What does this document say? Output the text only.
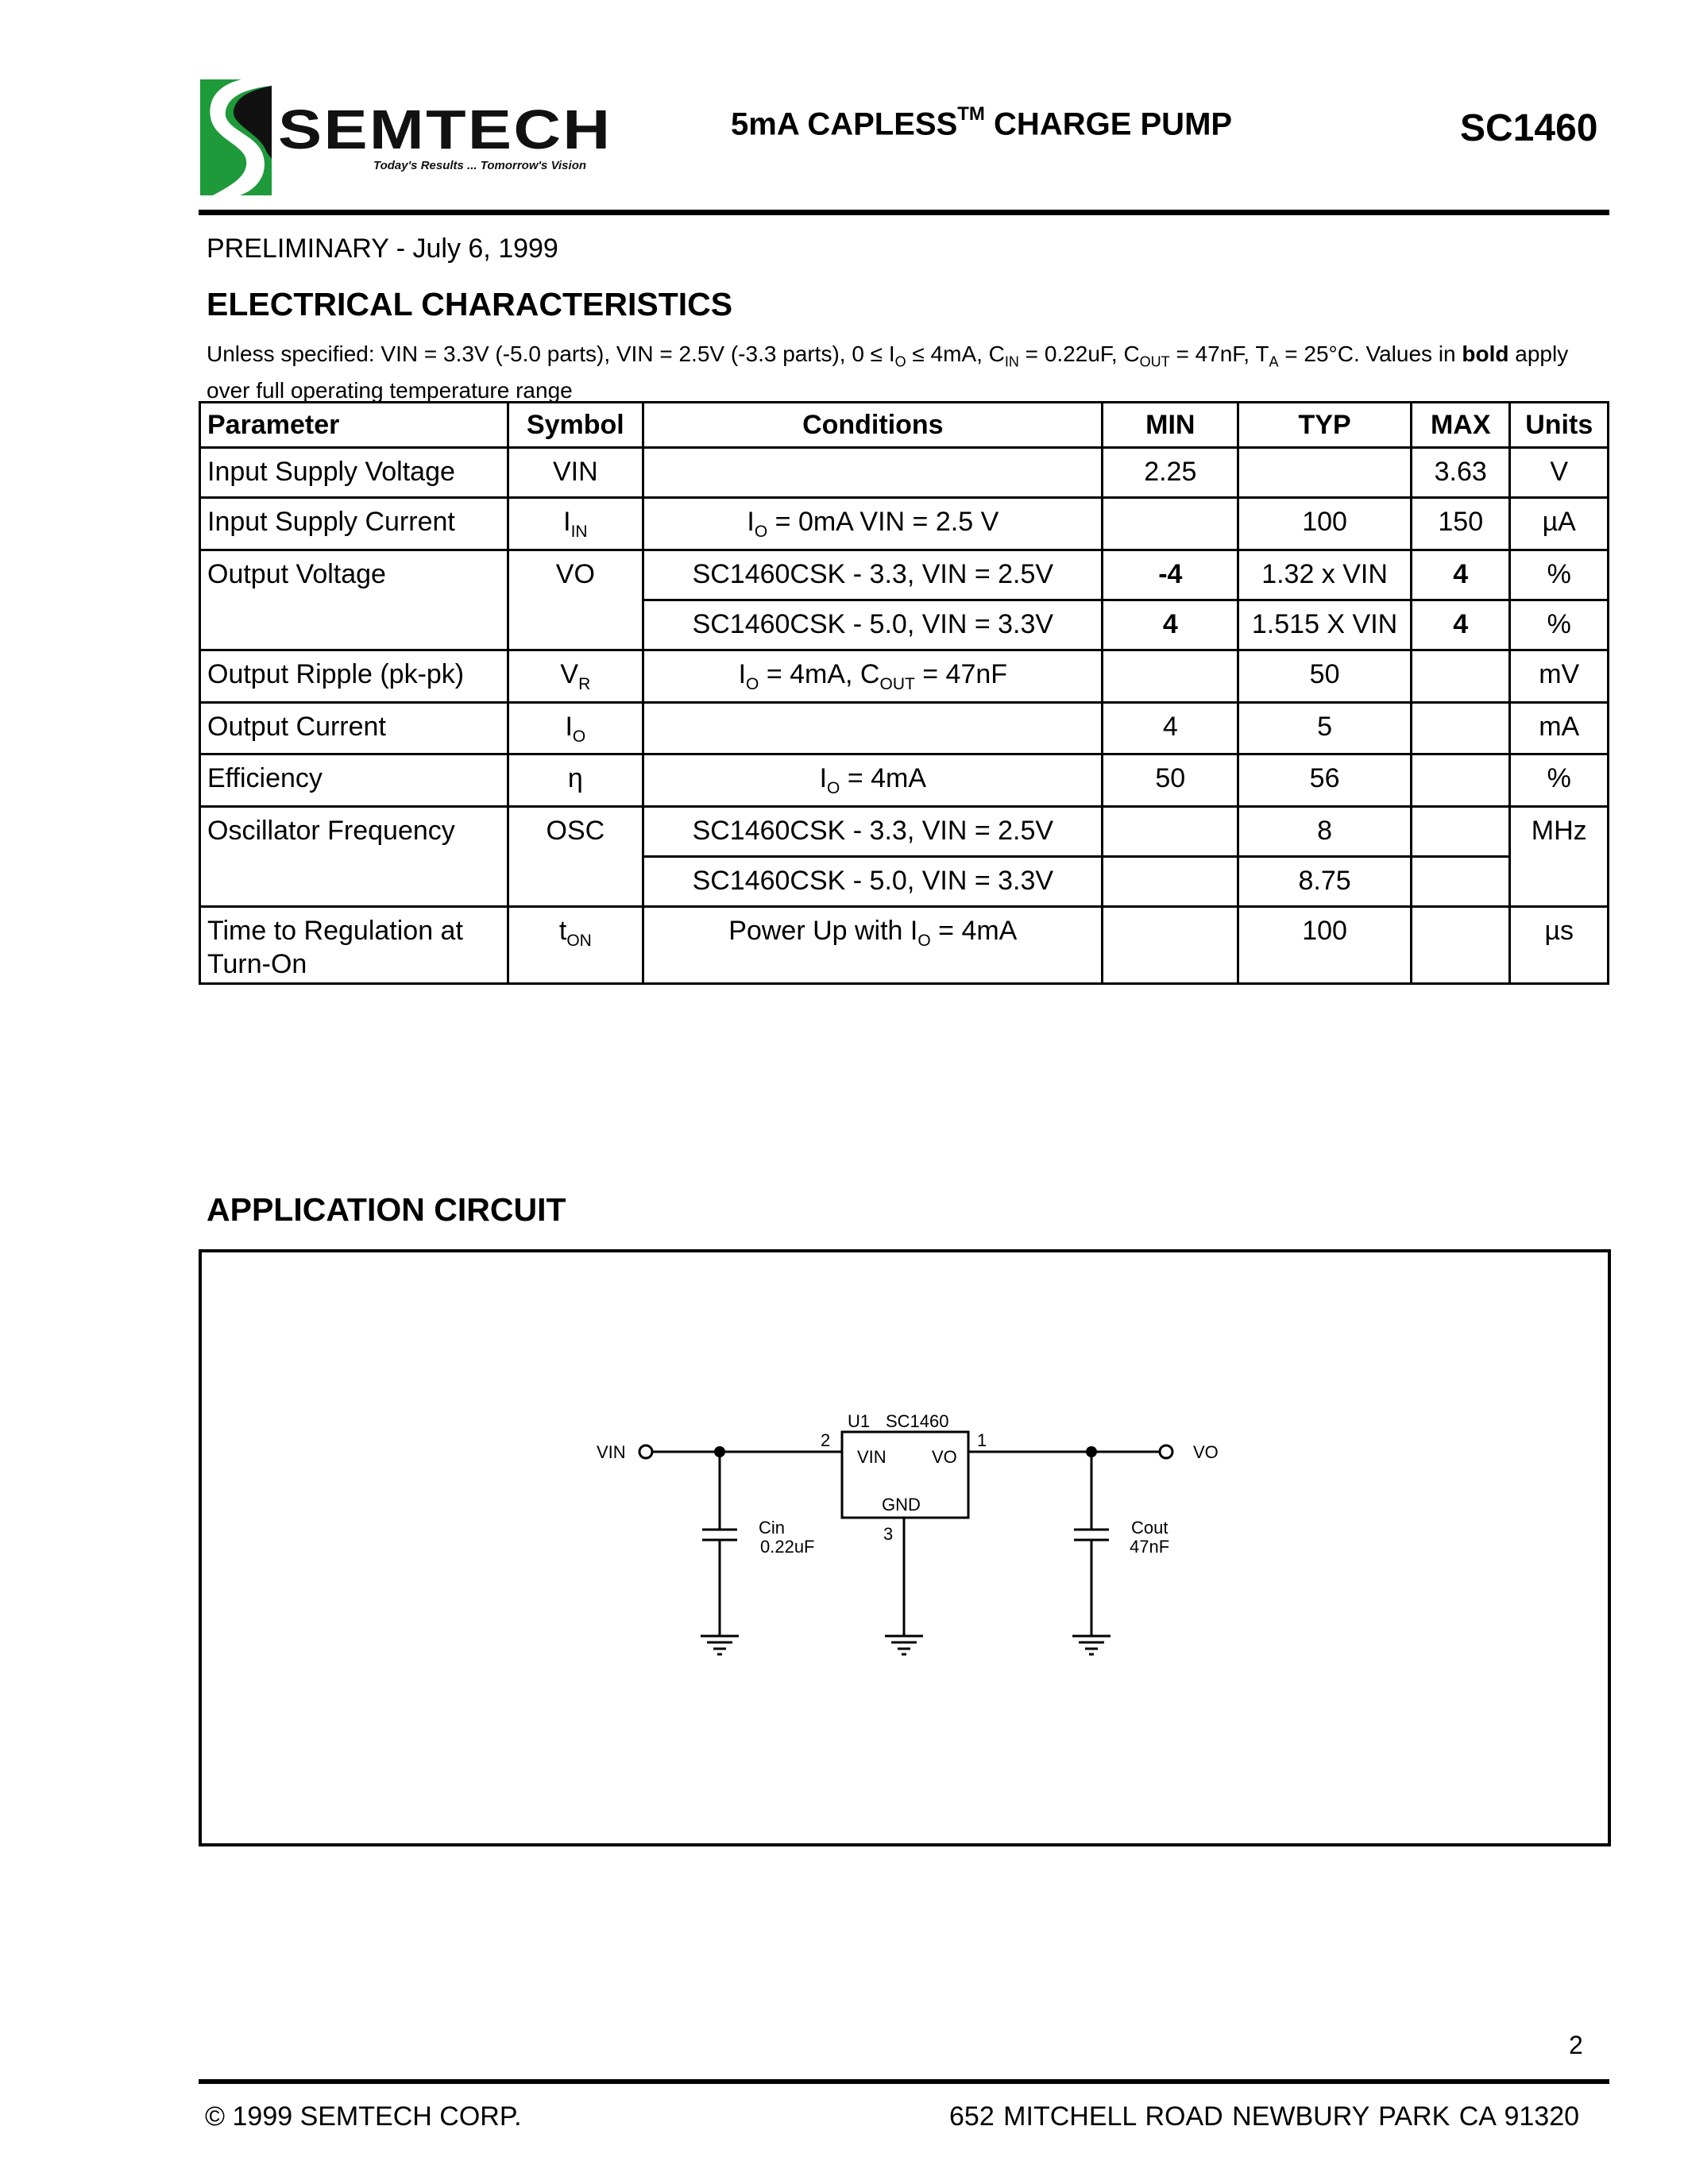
SEMTECH
Today's Results ... Tomorrow's Vision
5mA CAPLESS™ CHARGE PUMP	SC1460
PRELIMINARY - July 6, 1999
ELECTRICAL CHARACTERISTICS
Unless specified: VIN = 3.3V (-5.0 parts), VIN = 2.5V (-3.3 parts), $0 \le I_O \le 4mA$, $C_{IN} = 0.22uF$, $C_{OUT} = 47nF$, $T_A = 25^\circ C$. Values in bold apply over full operating temperature range
Parameter	Symbol	Conditions	MIN	TYP	MAX	Units
Input Supply Voltage	VIN		2.25		3.63	V
Input Supply Current	$I_{IN}$	$I_O = 0mA$ VIN = 2.5 V		100	150	µA
Output Voltage	VO	SC1460CSK - 3.3, VIN = 2.5V	-4	1.32 x VIN	4	%
		SC1460CSK - 5.0, VIN = 3.3V	4	1.515 X VIN	4	%
Output Ripple (pk-pk)	$V_R$	$I_O = 4mA$, $C_{OUT} = 47nF$		50		mV
Output Current	$I_O$		4	5		mA
Efficiency	η	$I_O = 4mA$	50	56		%
Oscillator Frequency	OSC	SC1460CSK - 3.3, VIN = 2.5V		8		MHz
		SC1460CSK - 5.0, VIN = 3.3V		8.75		
Time to Regulation at Turn-On	$t_{ON}$	Power Up with $I_O = 4mA$		100		µs
APPLICATION CIRCUIT
VIN	VO
2	1
3
U1 SC1460
VIN	VO
GND
Cin
0.22uF
Cout
47nF
2
© 1999 SEMTECH CORP.	652 MITCHELL ROAD NEWBURY PARK CA 91320
